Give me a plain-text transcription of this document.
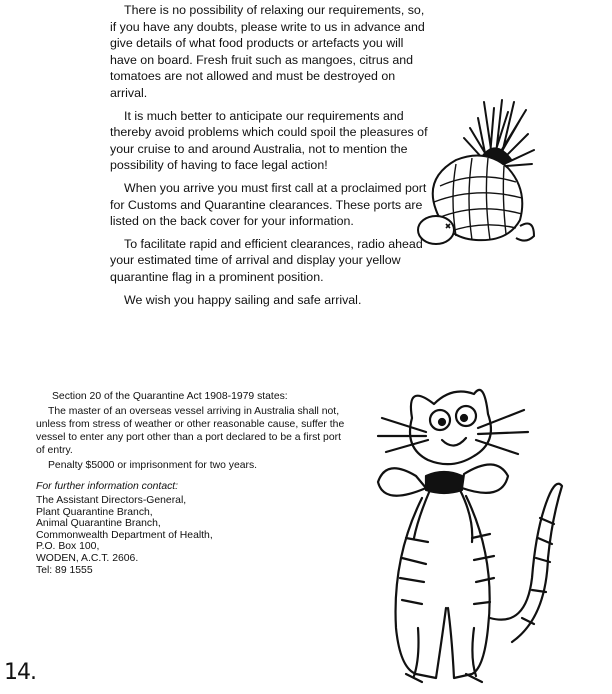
There is no possibility of relaxing our requirements, so, if you have any doubts, please write to us in advance and give details of what food products or artefacts you will have on board. Fresh fruit such as mangoes, citrus and tomatoes are not allowed and must be destroyed on arrival.

It is much better to anticipate our requirements and thereby avoid problems which could spoil the pleasures of your cruise to and around Australia, not to mention the possibility of having to face legal action!

When you arrive you must first call at a proclaimed port for Customs and Quarantine clearances. These ports are listed on the back cover for your information.

To facilitate rapid and efficient clearances, radio ahead your estimated time of arrival and display your yellow quarantine flag in a prominent position.

We wish you happy sailing and safe arrival.

Section 20 of the Quarantine Act 1908-1979 states:

The master of an overseas vessel arriving in Australia shall not, unless from stress of weather or other reasonable cause, suffer the vessel to enter any port other than a port declared to be a first port of entry.

Penalty $5000 or imprisonment for two years.

For further information contact:

The Assistant Directors-General,

Plant Quarantine Branch,

Animal Quarantine Branch,

Commonwealth Department of Health,

P.O. Box 100,

WODEN, A.C.T. 2606.

Tel: 89 1555

14.
